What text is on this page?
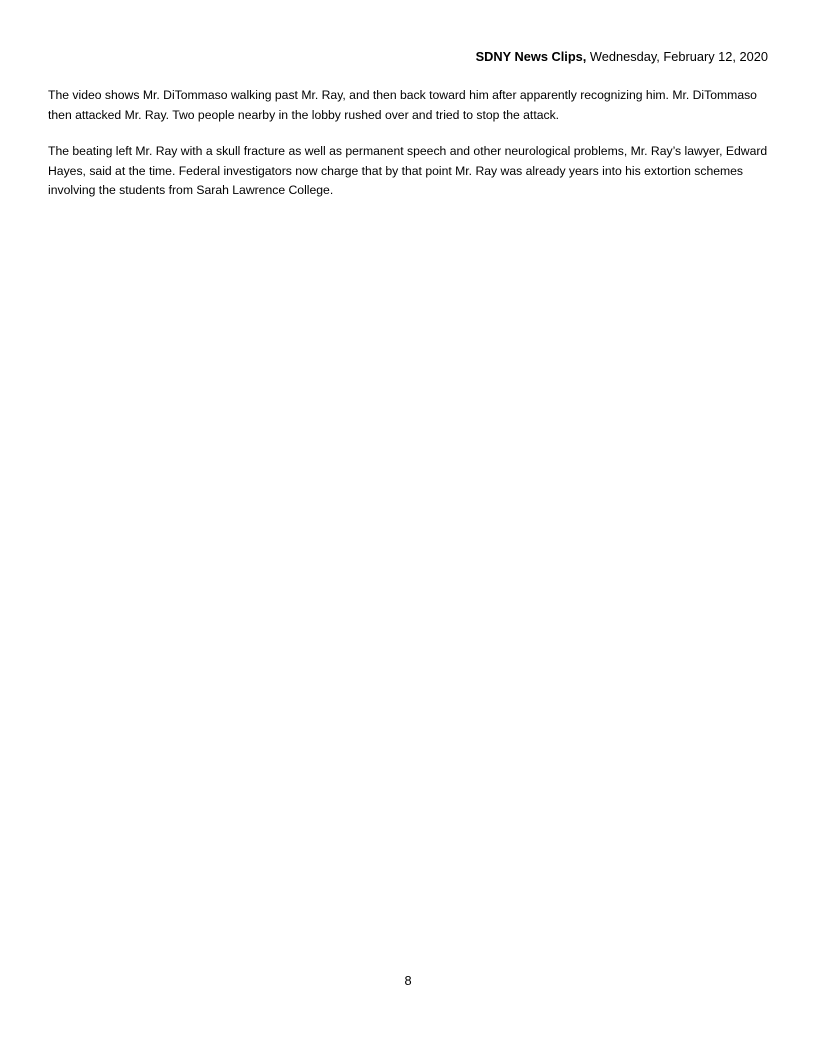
SDNY News Clips, Wednesday, February 12, 2020

The video shows Mr. DiTommaso walking past Mr. Ray, and then back toward him after apparently recognizing him. Mr. DiTommaso then attacked Mr. Ray. Two people nearby in the lobby rushed over and tried to stop the attack.

The beating left Mr. Ray with a skull fracture as well as permanent speech and other neurological problems, Mr. Ray’s lawyer, Edward Hayes, said at the time. Federal investigators now charge that by that point Mr. Ray was already years into his extortion schemes involving the students from Sarah Lawrence College.

8
